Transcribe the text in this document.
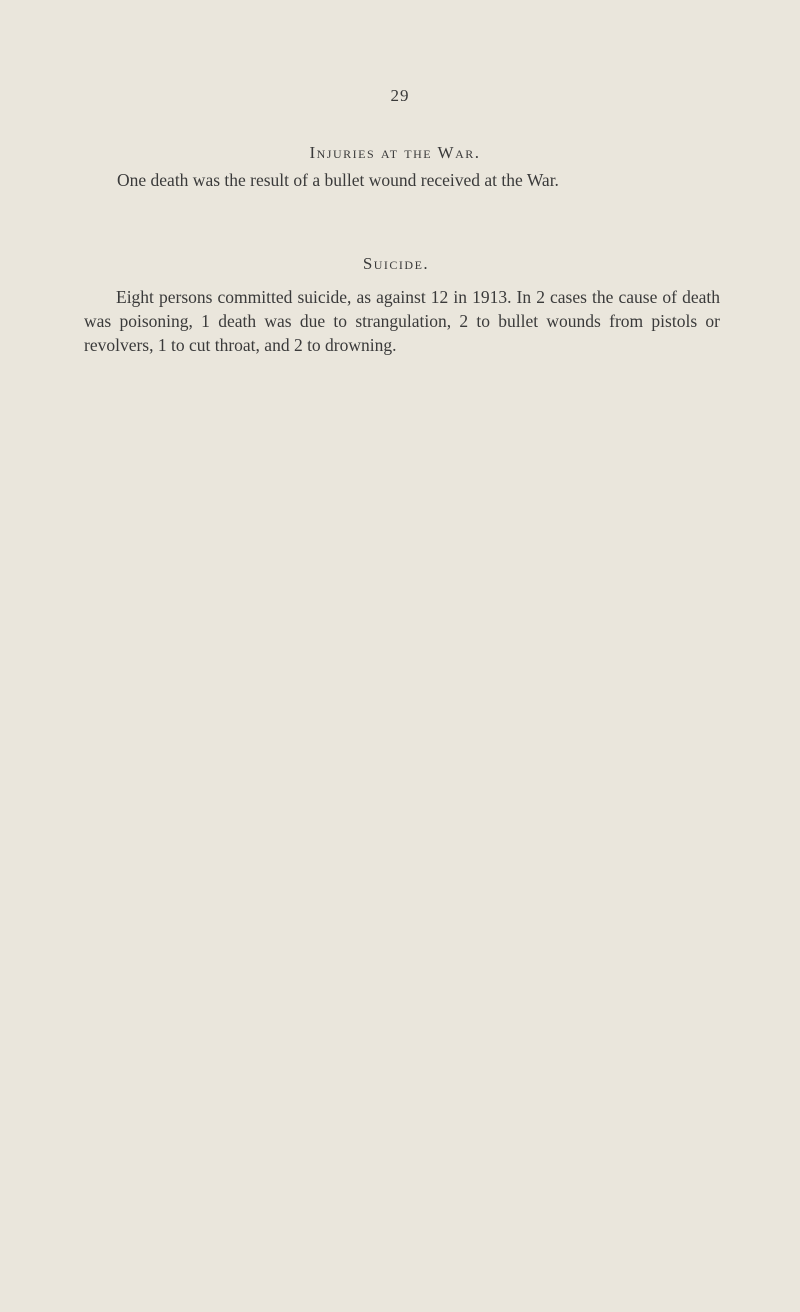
29
Injuries at the War.

One death was the result of a bullet wound received at the War.

Suicide.

Eight persons committed suicide, as against 12 in 1913. In 2 cases the cause of death was poisoning, 1 death was due to strangulation, 2 to bullet wounds from pistols or revolvers, 1 to cut throat, and 2 to drowning.
